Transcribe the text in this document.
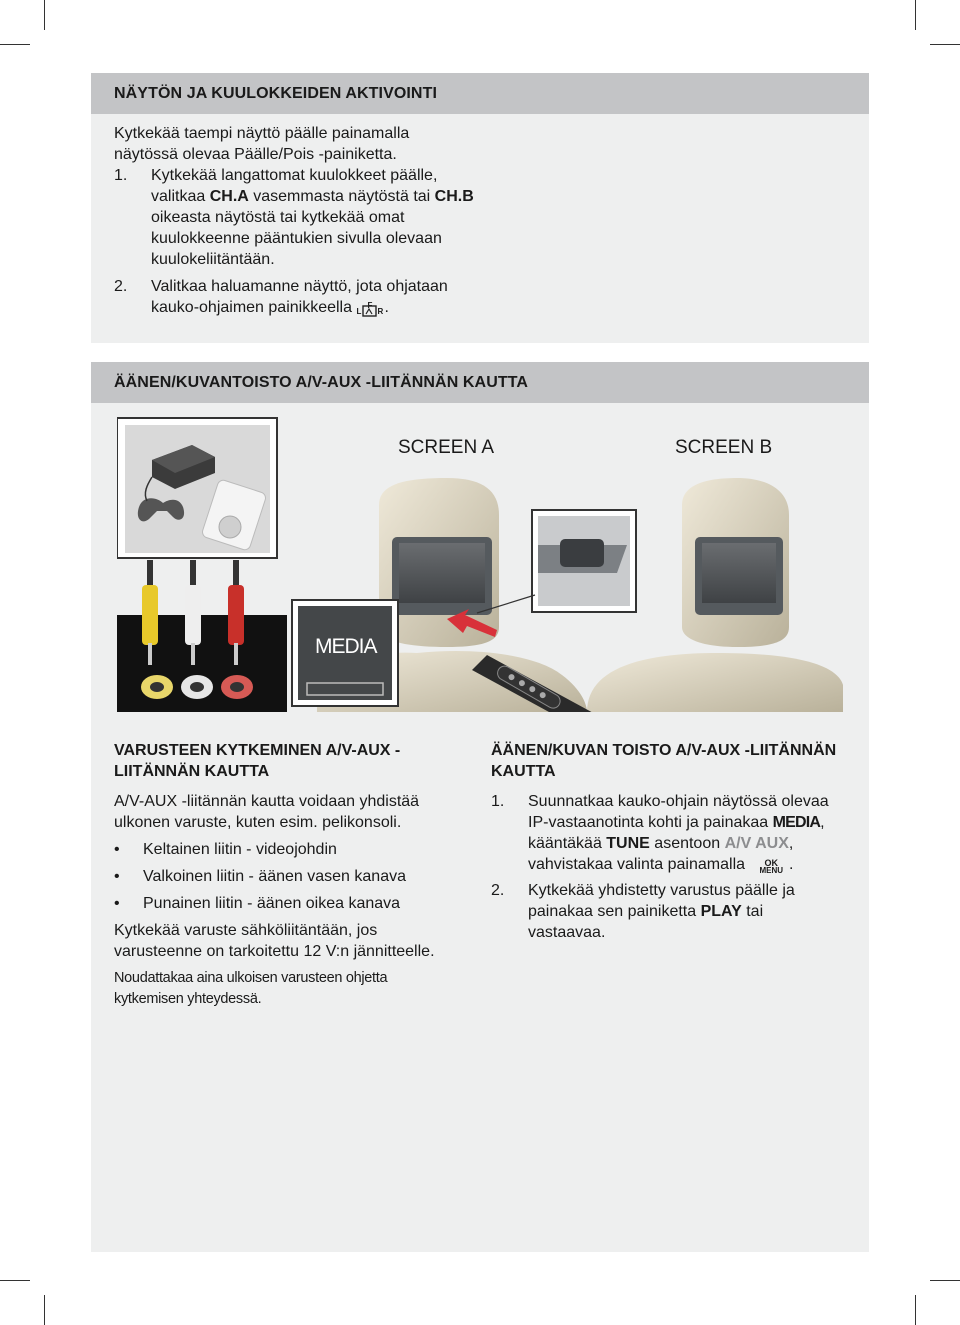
NÄYTÖN JA KUULOKKEIDEN AKTIVOINTI
Kytkekää taempi näyttö päälle painamalla näytössä olevaa Päälle/Pois -painiketta.
1. Kytkekää langattomat kuulokkeet päälle, valitkaa CH.A vasemmasta näytöstä tai CH.B oikeasta näytöstä tai kytkekää omat kuulokkeenne pääntukien sivulla olevaan kuulokeliitäntään.
2. Valitkaa haluamanne näyttö, jota ohjataan kauko-ohjaimen painikkeella L
F
R .
ÄÄNEN/KUVANTOISTO A/V-AUX -LIITÄNNÄN KAUTTA
SCREEN A	SCREEN B
MEDIA
VARUSTEEN KYTKEMINEN A/V-AUX -LIITÄNNÄN KAUTTA
A/V-AUX -liitännän kautta voidaan yhdistää ulkonen varuste, kuten esim. pelikonsoli.
• Keltainen liitin - videojohdin
• Valkoinen liitin - äänen vasen kanava
• Punainen liitin - äänen oikea kanava
Kytkekää varuste sähköliitäntään, jos varusteenne on tarkoitettu 12 V:n jännitteelle.
Noudattakaa aina ulkoisen varusteen ohjetta kytkemisen yhteydessä.
ÄÄNEN/KUVAN TOISTO A/V-AUX -LIITÄNNÄN KAUTTA
1. Suunnatkaa kauko-ohjain näytössä olevaa IP-vastaanotinta kohti ja painakaa MEDIA, kääntäkää TUNE asentoon A/V AUX, vahvistakaa valinta painamalla	OK
MENU .
2. Kytkekää yhdistetty varustus päälle ja painakaa sen painiketta PLAY tai vastaavaa.
